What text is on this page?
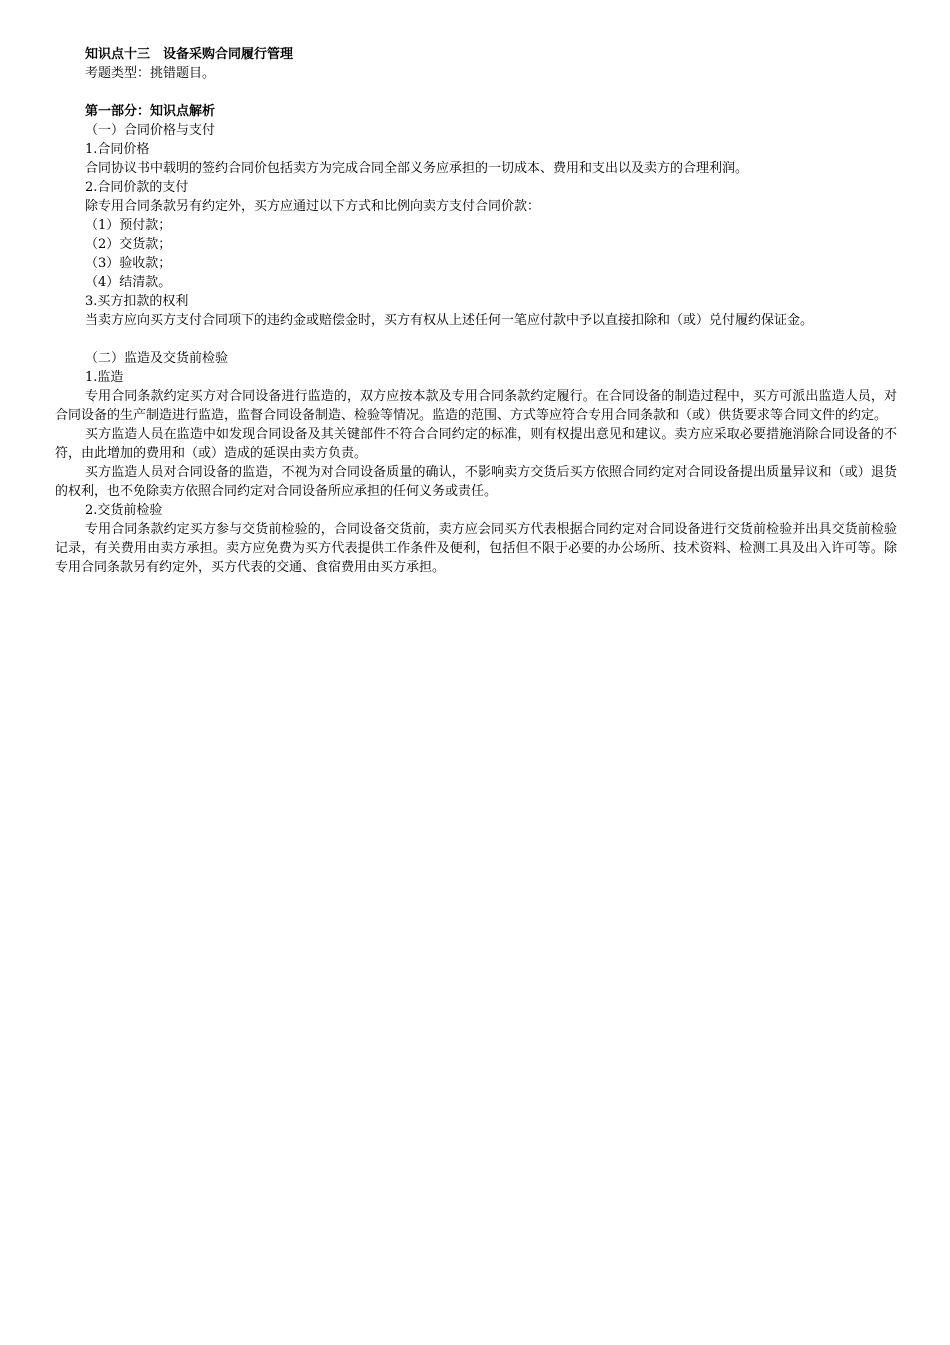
知识点十三　设备采购合同履行管理

考题类型：挑错题目。

第一部分：知识点解析

（一）合同价格与支付

1.合同价格

合同协议书中载明的签约合同价包括卖方为完成合同全部义务应承担的一切成本、费用和支出以及卖方的合理利润。

2.合同价款的支付

除专用合同条款另有约定外，买方应通过以下方式和比例向卖方支付合同价款：

（1）预付款；

（2）交货款；

（3）验收款；

（4）结清款。

3.买方扣款的权利

当卖方应向买方支付合同项下的违约金或赔偿金时，买方有权从上述任何一笔应付款中予以直接扣除和（或）兑付履约保证金。

（二）监造及交货前检验

1.监造

专用合同条款约定买方对合同设备进行监造的，双方应按本款及专用合同条款约定履行。在合同设备的制造过程中，买方可派出监造人员，对合同设备的生产制造进行监造，监督合同设备制造、检验等情况。监造的范围、方式等应符合专用合同条款和（或）供货要求等合同文件的约定。

买方监造人员在监造中如发现合同设备及其关键部件不符合合同约定的标准，则有权提出意见和建议。卖方应采取必要措施消除合同设备的不符，由此增加的费用和（或）造成的延误由卖方负责。

买方监造人员对合同设备的监造，不视为对合同设备质量的确认，不影响卖方交货后买方依照合同约定对合同设备提出质量异议和（或）退货的权利，也不免除卖方依照合同约定对合同设备所应承担的任何义务或责任。

2.交货前检验

专用合同条款约定买方参与交货前检验的，合同设备交货前，卖方应会同买方代表根据合同约定对合同设备进行交货前检验并出具交货前检验记录，有关费用由卖方承担。卖方应免费为买方代表提供工作条件及便利，包括但不限于必要的办公场所、技术资料、检测工具及出入许可等。除专用合同条款另有约定外，买方代表的交通、食宿费用由买方承担。
